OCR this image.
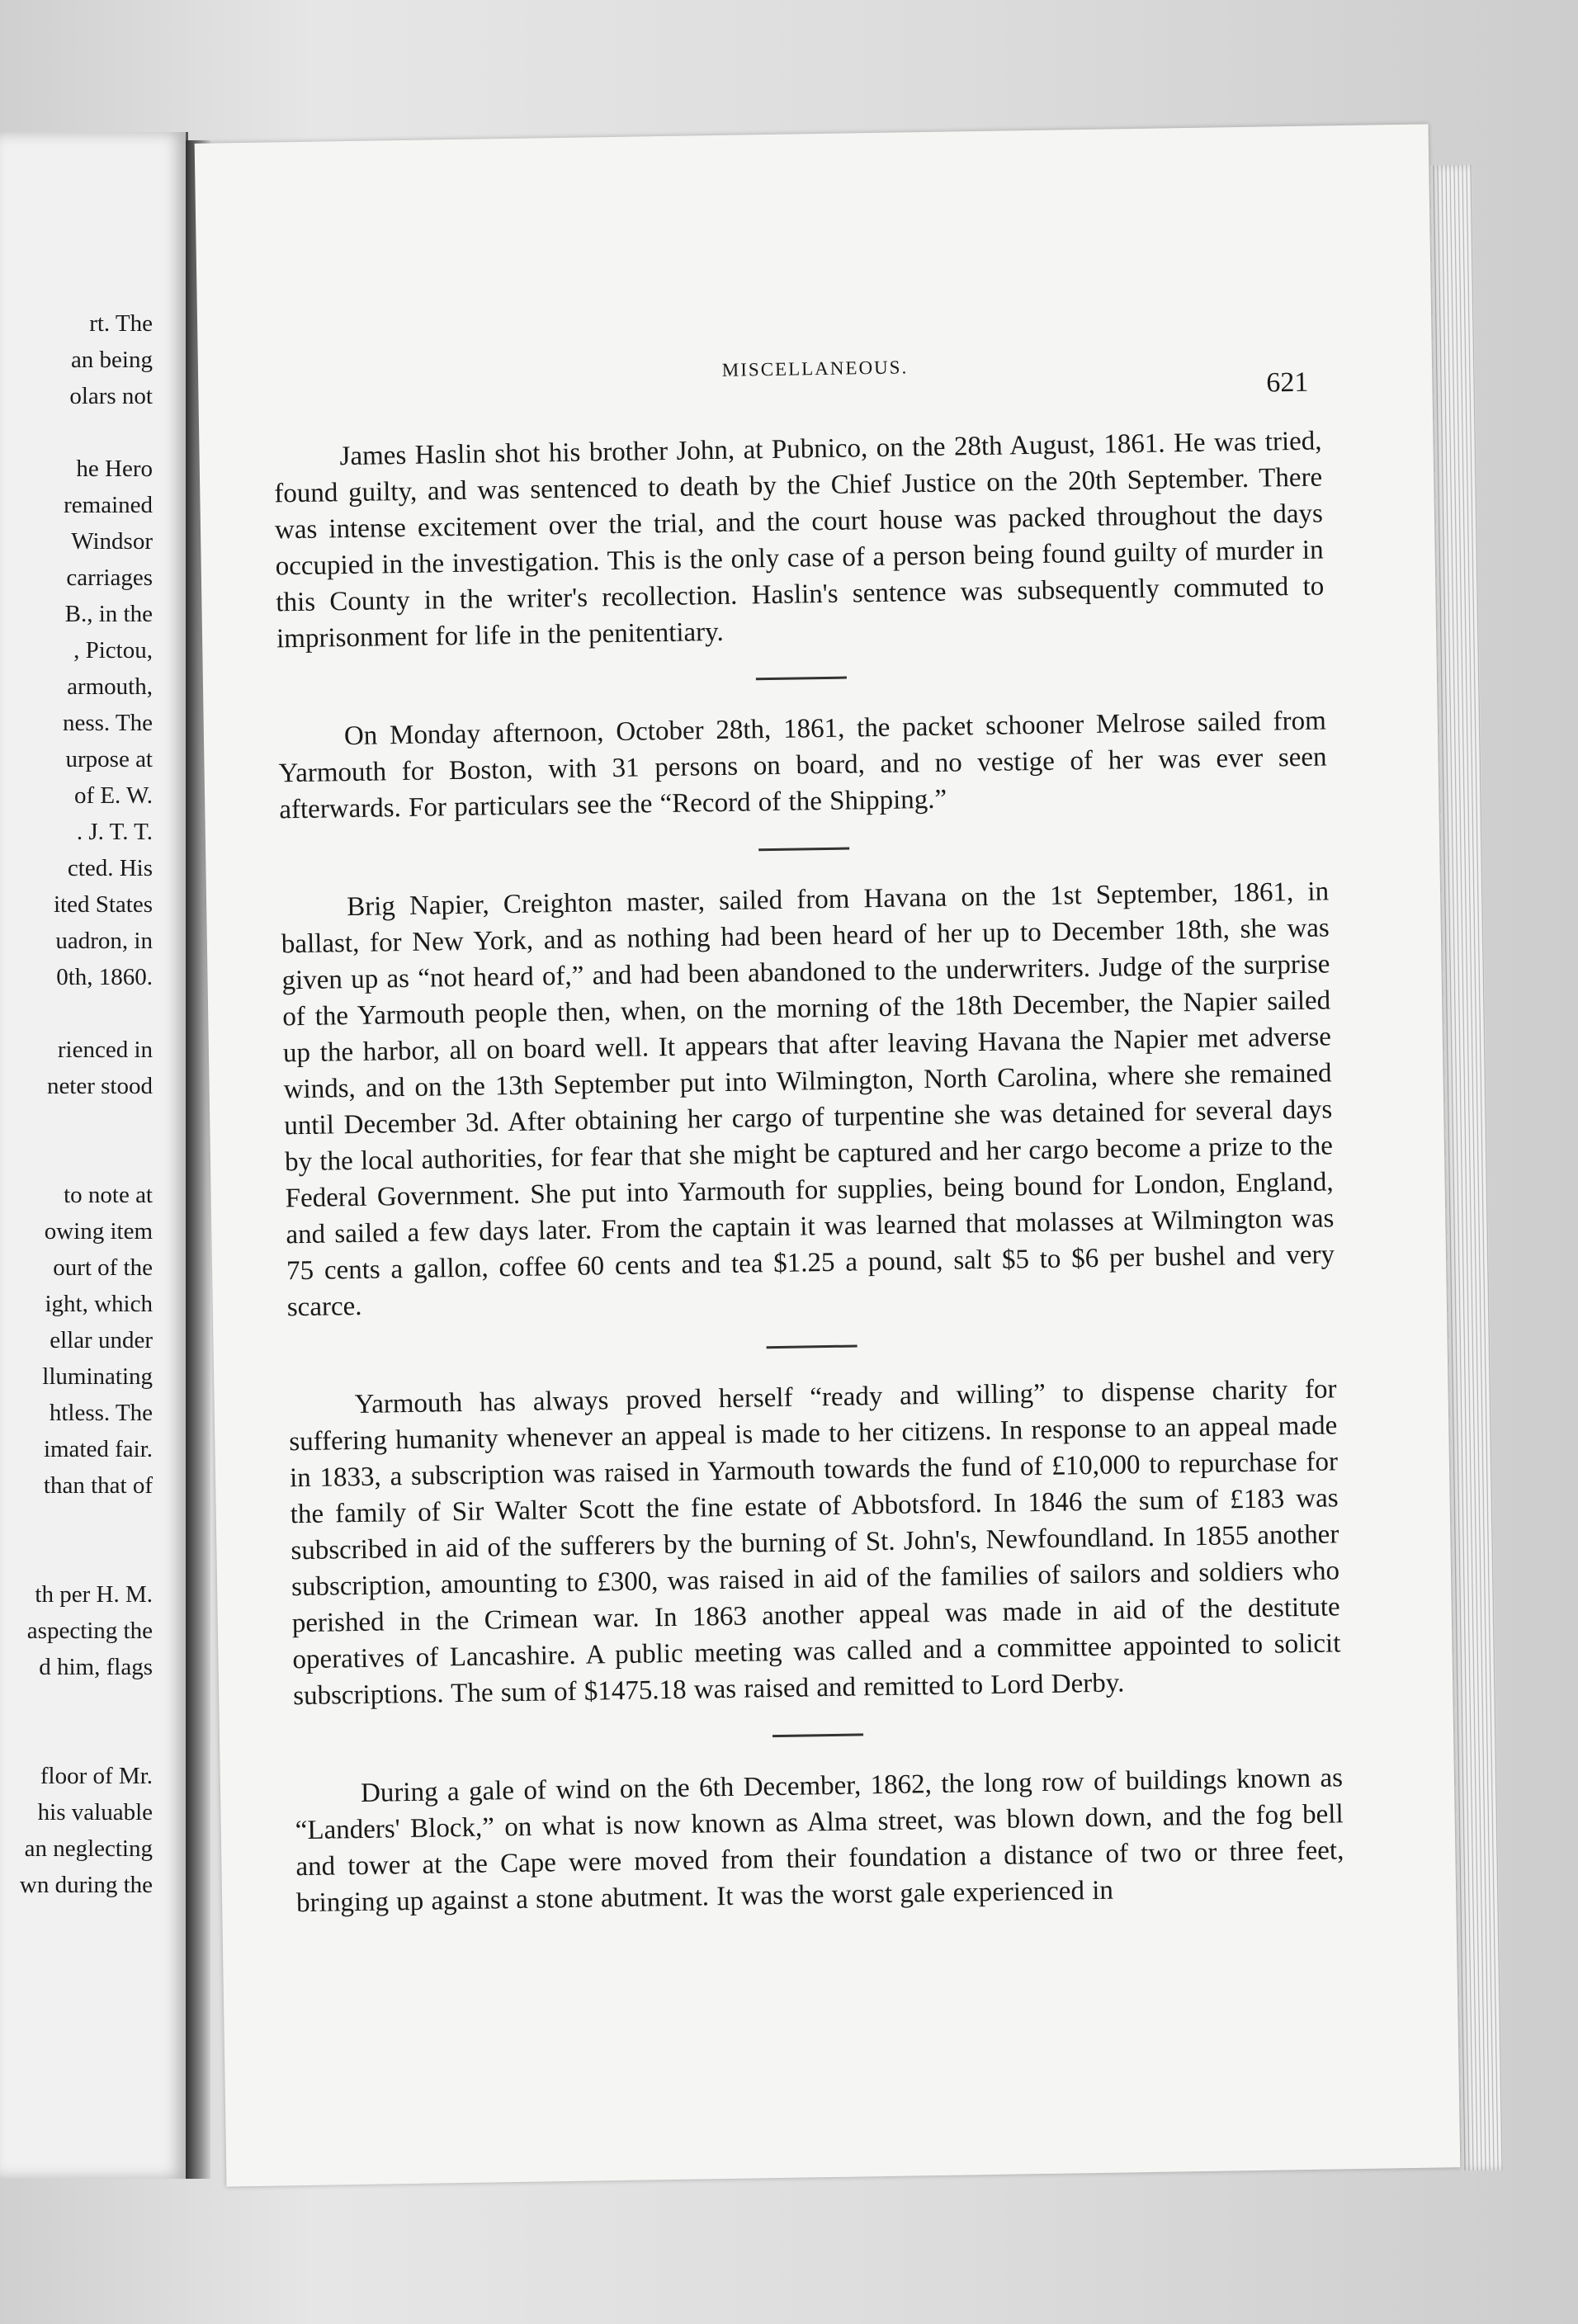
rt. The
an being
olars not
he Hero
remained
Windsor
carriages
B., in the
, Pictou,
armouth,
ness. The
urpose at
of E. W.
. J. T. T.
cted. His
ited States
uadron, in
0th, 1860.
rienced in
neter stood
to note at
owing item
ourt of the
ight, which
ellar under
lluminating
htless. The
imated fair.
than that of
th per H. M.
aspecting the
d him, flags
floor of Mr.
his valuable
an neglecting
wn during the
MISCELLANEOUS.	621

James Haslin shot his brother John, at Pubnico, on the 28th August, 1861. He was tried, found guilty, and was sentenced to death by the Chief Justice on the 20th September. There was intense excitement over the trial, and the court house was packed throughout the days occupied in the investigation. This is the only case of a person being found guilty of murder in this County in the writer's recollection. Haslin's sentence was subsequently commuted to imprisonment for life in the penitentiary.

On Monday afternoon, October 28th, 1861, the packet schooner Melrose sailed from Yarmouth for Boston, with 31 persons on board, and no vestige of her was ever seen afterwards. For particulars see the “Record of the Shipping.”

Brig Napier, Creighton master, sailed from Havana on the 1st September, 1861, in ballast, for New York, and as nothing had been heard of her up to December 18th, she was given up as “not heard of,” and had been abandoned to the underwriters. Judge of the surprise of the Yarmouth people then, when, on the morning of the 18th December, the Napier sailed up the harbor, all on board well. It appears that after leaving Havana the Napier met adverse winds, and on the 13th September put into Wilmington, North Carolina, where she remained until December 3d. After obtaining her cargo of turpentine she was detained for several days by the local authorities, for fear that she might be captured and her cargo become a prize to the Federal Government. She put into Yarmouth for supplies, being bound for London, England, and sailed a few days later. From the captain it was learned that molasses at Wilmington was 75 cents a gallon, coffee 60 cents and tea $1.25 a pound, salt $5 to $6 per bushel and very scarce.

Yarmouth has always proved herself “ready and willing” to dispense charity for suffering humanity whenever an appeal is made to her citizens. In response to an appeal made in 1833, a subscription was raised in Yarmouth towards the fund of £10,000 to repurchase for the family of Sir Walter Scott the fine estate of Abbotsford. In 1846 the sum of £183 was subscribed in aid of the sufferers by the burning of St. John's, Newfoundland. In 1855 another subscription, amounting to £300, was raised in aid of the families of sailors and soldiers who perished in the Crimean war. In 1863 another appeal was made in aid of the destitute operatives of Lancashire. A public meeting was called and a committee appointed to solicit subscriptions. The sum of $1475.18 was raised and remitted to Lord Derby.

During a gale of wind on the 6th December, 1862, the long row of buildings known as “Landers' Block,” on what is now known as Alma street, was blown down, and the fog bell and tower at the Cape were moved from their foundation a distance of two or three feet, bringing up against a stone abutment. It was the worst gale experienced in
